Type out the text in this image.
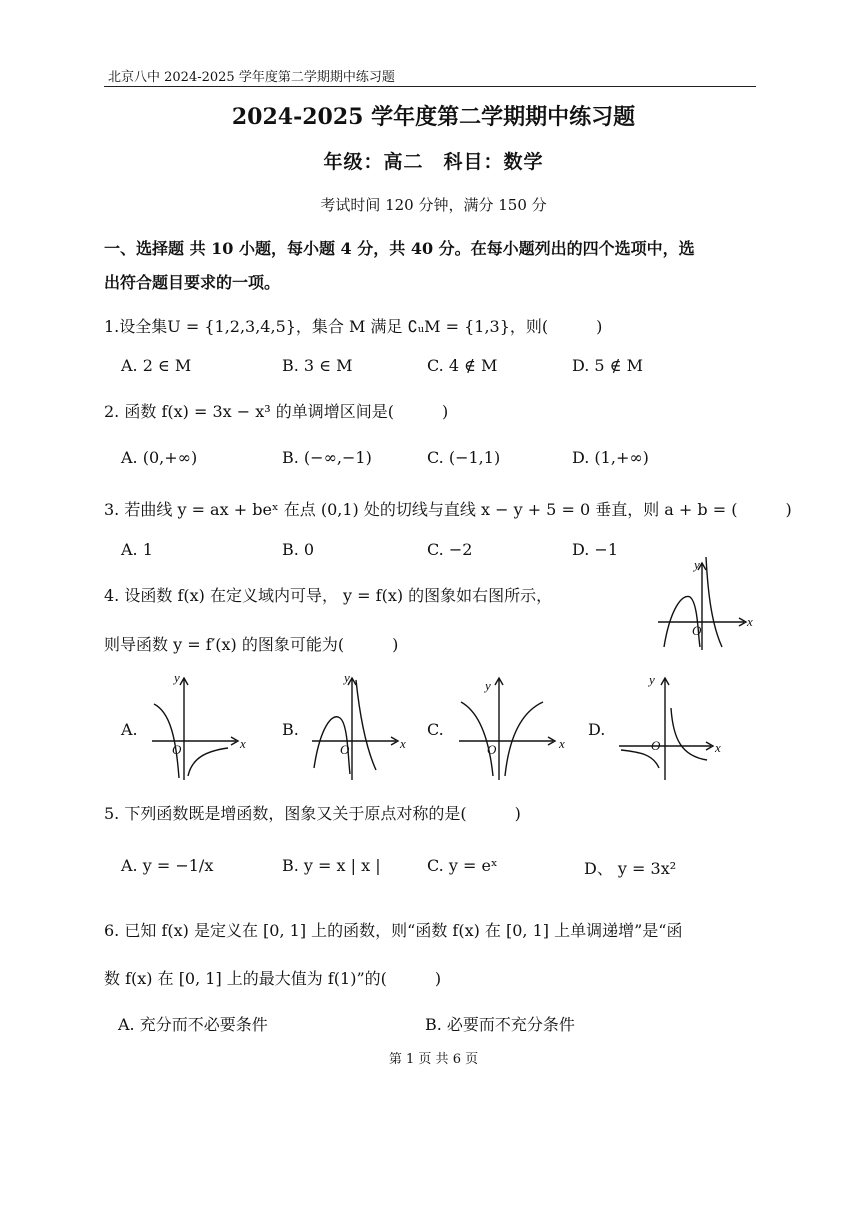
北京八中 2024-2025 学年度第二学期期中练习题
2024-2025 学年度第二学期期中练习题
年级：高二　科目：数学
考试时间 120 分钟，满分 150 分
一、选择题 共 10 小题，每小题 4 分，共 40 分。在每小题列出的四个选项中，选
出符合题目要求的一项。
1.设全集U = {1,2,3,4,5}，集合 M 满足 ∁ᵤM = {1,3}，则(　　　)
A. 2 ∈ M	B. 3 ∈ M	C. 4 ∉ M	D. 5 ∉ M
2. 函数 f(x) = 3x − x³ 的单调增区间是(　　　)
A. (0,+∞)	B. (−∞,−1)	C. (−1,1)	D. (1,+∞)
3. 若曲线 y = ax + beˣ 在点 (0,1) 处的切线与直线 x − y + 5 = 0 垂直，则 a + b = (　　　)
A. 1	B. 0	C. −2	D. −1
4. 设函数 f(x) 在定义域内可导， y = f(x) 的图象如右图所示，
则导函数 y = f′(x) 的图象可能为(　　　)
x
y
O
A.	B.	C.	D.
x
y
O	x
y
O	x
y
O	x
y
O
5. 下列函数既是增函数，图象又关于原点对称的是(　　　)
A. y = −1/x	B. y = x | x |	C. y = eˣ	D、 y = 3x²
6. 已知 f(x) 是定义在 [0, 1] 上的函数，则“函数 f(x) 在 [0, 1] 上单调递增”是“函
数 f(x) 在 [0, 1] 上的最大值为 f(1)”的(　　　)
A. 充分而不必要条件	B. 必要而不充分条件
第 1 页 共 6 页
